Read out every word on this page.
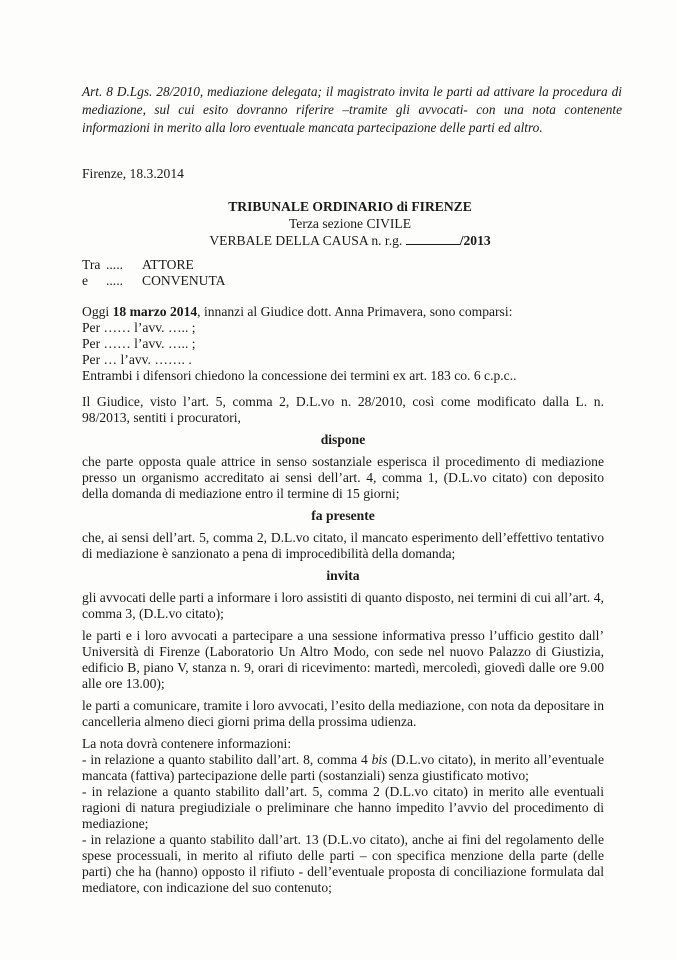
Art. 8 D.Lgs. 28/2010, mediazione delegata; il magistrato invita le parti ad attivare la procedura di mediazione, sul cui esito dovranno riferire –tramite gli avvocati- con una nota contenente informazioni in merito alla loro eventuale mancata partecipazione delle parti ed altro.

Firenze, 18.3.2014

TRIBUNALE ORDINARIO di FIRENZE

Terza sezione CIVILE

VERBALE DELLA CAUSA n. r.g.	/2013

Tra .....	ATTORE

e	.....	CONVENUTA

Oggi 18 marzo 2014, innanzi al Giudice dott. Anna Primavera, sono comparsi:

Per …… l’avv. ….. ;

Per …… l’avv. ….. ;

Per … l’avv. ……. .

Entrambi i difensori chiedono la concessione dei termini ex art. 183 co. 6 c.p.c..

Il Giudice, visto l’art. 5, comma 2, D.L.vo n. 28/2010, così come modificato dalla L. n. 98/2013, sentiti i procuratori,

dispone

che parte opposta quale attrice in senso sostanziale esperisca il procedimento di mediazione presso un organismo accreditato ai sensi dell’art. 4, comma 1, (D.L.vo citato) con deposito della domanda di mediazione entro il termine di 15 giorni;

fa presente

che, ai sensi dell’art. 5, comma 2, D.L.vo citato, il mancato esperimento dell’effettivo tentativo di mediazione è sanzionato a pena di improcedibilità della domanda;

invita

gli avvocati delle parti a informare i loro assistiti di quanto disposto, nei termini di cui all’art. 4, comma 3, (D.L.vo citato);

le parti e i loro avvocati a partecipare a una sessione informativa presso l’ufficio gestito dall’ Università di Firenze (Laboratorio Un Altro Modo, con sede nel nuovo Palazzo di Giustizia, edificio B, piano V, stanza n. 9, orari di ricevimento: martedì, mercoledì, giovedì dalle ore 9.00 alle ore 13.00);

le parti a comunicare, tramite i loro avvocati, l’esito della mediazione, con nota da depositare in cancelleria almeno dieci giorni prima della prossima udienza.

La nota dovrà contenere informazioni:

- in relazione a quanto stabilito dall’art. 8, comma 4 bis (D.L.vo citato), in merito all’eventuale mancata (fattiva) partecipazione delle parti (sostanziali) senza giustificato motivo;

- in relazione a quanto stabilito dall’art. 5, comma 2 (D.L.vo citato) in merito alle eventuali ragioni di natura pregiudiziale o preliminare che hanno impedito l’avvio del procedimento di mediazione;

- in relazione a quanto stabilito dall’art. 13 (D.L.vo citato), anche ai fini del regolamento delle spese processuali, in merito al rifiuto delle parti – con specifica menzione della parte (delle parti) che ha (hanno) opposto il rifiuto - dell’eventuale proposta di conciliazione formulata dal mediatore, con indicazione del suo contenuto;
